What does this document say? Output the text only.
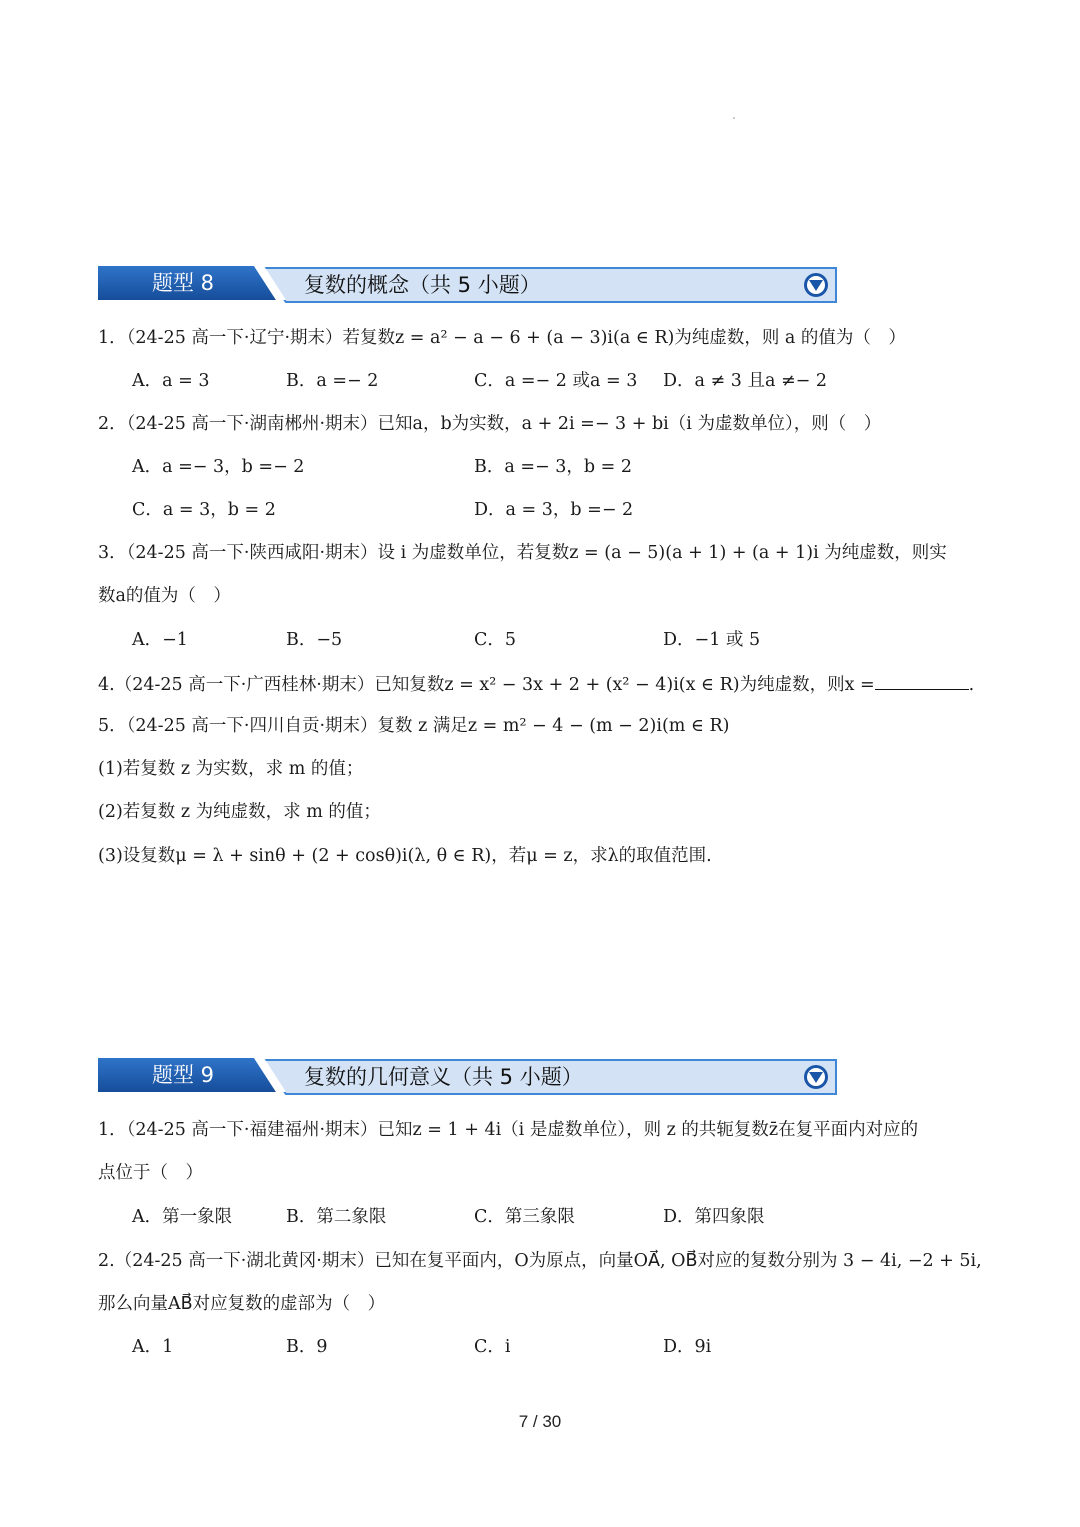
题型 8	复数的概念（共 5 小题）
1．（24-25 高一下·辽宁·期末）若复数z = a² − a − 6 + (a − 3)i(a ∈ R)为纯虚数，则 a 的值为（　）
A．a = 3	B．a =− 2	C．a =− 2 或a = 3 D．a ≠ 3 且a ≠− 2
2．（24-25 高一下·湖南郴州·期末）已知a，b为实数，a + 2i =− 3 + bi（i 为虚数单位），则（　）
A．a =− 3，b =− 2	B．a =− 3，b = 2
C．a = 3，b = 2	D．a = 3，b =− 2
3．（24-25 高一下·陕西咸阳·期末）设 i 为虚数单位，若复数z = (a − 5)(a + 1) + (a + 1)i 为纯虚数，则实
数a的值为（　）
A．−1	B．−5	C．5	D．−1 或 5
4.（24-25 高一下·广西桂林·期末）已知复数z = x² − 3x + 2 + (x² − 4)i(x ∈ R)为纯虚数，则x =	.
5．（24-25 高一下·四川自贡·期末）复数 z 满足z = m² − 4 − (m − 2)i(m ∈ R)
(1)若复数 z 为实数，求 m 的值；
(2)若复数 z 为纯虚数，求 m 的值；
(3)设复数μ = λ + sinθ + (2 + cosθ)i(λ, θ ∈ R)，若μ = z，求λ的取值范围.
题型 9	复数的几何意义（共 5 小题）
1．（24-25 高一下·福建福州·期末）已知z = 1 + 4i（i 是虚数单位），则 z 的共轭复数z̄在复平面内对应的
点位于（　）
A．第一象限	B．第二象限	C．第三象限	D．第四象限
2.（24-25 高一下·湖北黄冈·期末）已知在复平面内，O为原点，向量OA⃗, OB⃗对应的复数分别为 3 − 4i, −2 + 5i,
那么向量AB⃗对应复数的虚部为（　）
A．1	B．9	C．i	D．9i
7 / 30
